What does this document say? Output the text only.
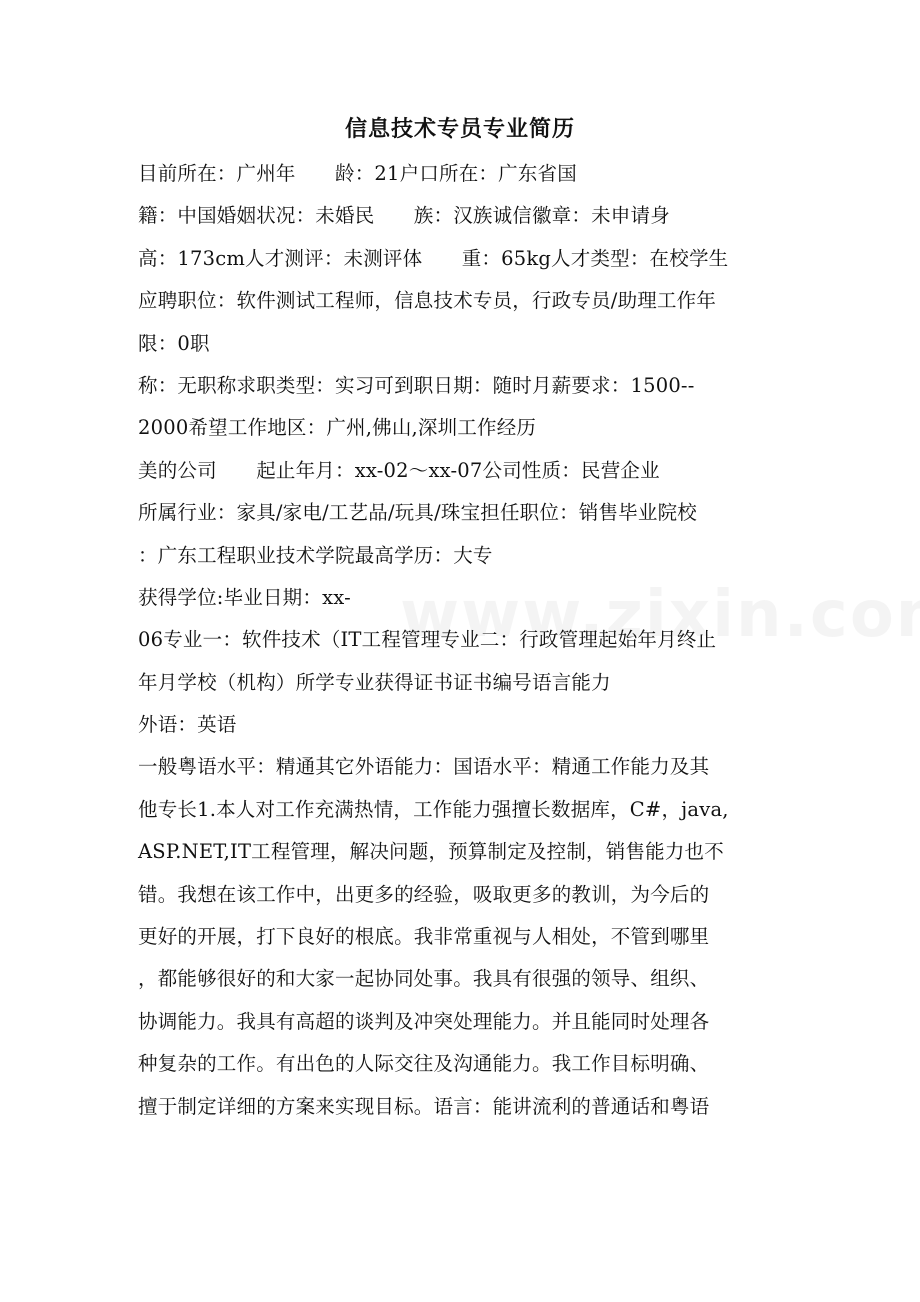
信息技术专员专业简历
目前所在：广州年　　龄：21户口所在：广东省国
籍：中国婚姻状况：未婚民　　族：汉族诚信徽章：未申请身
高：173cm人才测评：未测评体　　重：65kg人才类型：在校学生
应聘职位：软件测试工程师，信息技术专员，行政专员/助理工作年
限：0职
称：无职称求职类型：实习可到职日期：随时月薪要求：1500--
2000希望工作地区：广州,佛山,深圳工作经历
美的公司　　起止年月：xx-02～xx-07公司性质：民营企业
所属行业：家具/家电/工艺品/玩具/珠宝担任职位：销售毕业院校
：广东工程职业技术学院最高学历：大专
获得学位:毕业日期：xx-
06专业一：软件技术（IT工程管理专业二：行政管理起始年月终止
年月学校（机构）所学专业获得证书证书编号语言能力
外语：英语
一般粤语水平：精通其它外语能力：国语水平：精通工作能力及其
他专长1.本人对工作充满热情，工作能力强擅长数据库，C#，java,
ASP.NET,IT工程管理，解决问题，预算制定及控制，销售能力也不
错。我想在该工作中，出更多的经验，吸取更多的教训，为今后的
更好的开展，打下良好的根底。我非常重视与人相处，不管到哪里
，都能够很好的和大家一起协同处事。我具有很强的领导、组织、
协调能力。我具有高超的谈判及冲突处理能力。并且能同时处理各
种复杂的工作。有出色的人际交往及沟通能力。我工作目标明确、
擅于制定详细的方案来实现目标。语言：能讲流利的普通话和粤语
